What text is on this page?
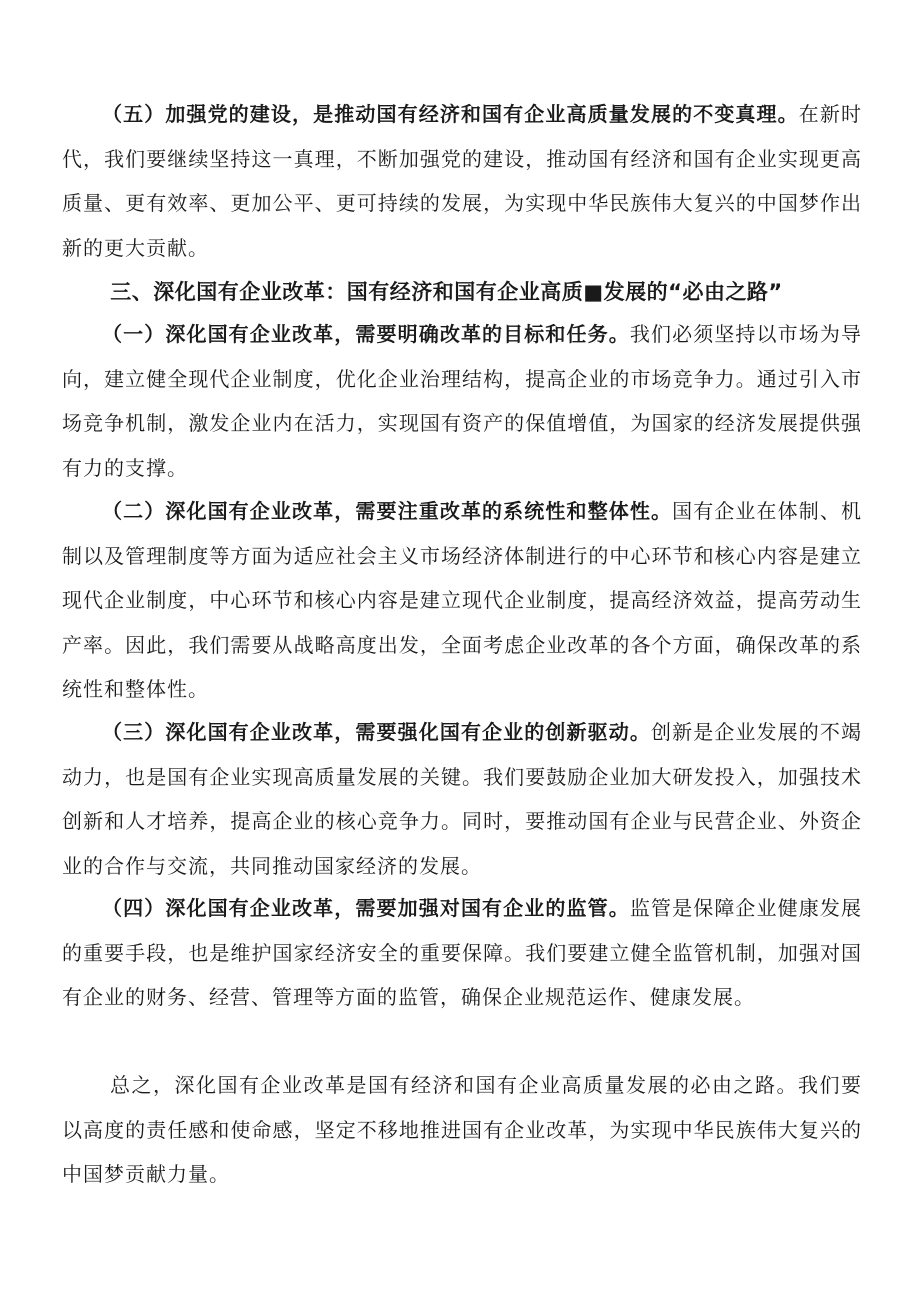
（五）加强党的建设，是推动国有经济和国有企业高质量发展的不变真理。在新时代，我们要继续坚持这一真理，不断加强党的建设，推动国有经济和国有企业实现更高质量、更有效率、更加公平、更可持续的发展，为实现中华民族伟大复兴的中国梦作出新的更大贡献。

三、深化国有企业改革：国有经济和国有企业高质■发展的“必由之路”

（一）深化国有企业改革，需要明确改革的目标和任务。我们必须坚持以市场为导向，建立健全现代企业制度，优化企业治理结构，提高企业的市场竞争力。通过引入市场竞争机制，激发企业内在活力，实现国有资产的保值增值，为国家的经济发展提供强有力的支撑。

（二）深化国有企业改革，需要注重改革的系统性和整体性。国有企业在体制、机制以及管理制度等方面为适应社会主义市场经济体制进行的中心环节和核心内容是建立现代企业制度，中心环节和核心内容是建立现代企业制度，提高经济效益，提高劳动生产率。因此，我们需要从战略高度出发，全面考虑企业改革的各个方面，确保改革的系统性和整体性。

（三）深化国有企业改革，需要强化国有企业的创新驱动。创新是企业发展的不竭动力，也是国有企业实现高质量发展的关键。我们要鼓励企业加大研发投入，加强技术创新和人才培养，提高企业的核心竞争力。同时，要推动国有企业与民营企业、外资企业的合作与交流，共同推动国家经济的发展。

（四）深化国有企业改革，需要加强对国有企业的监管。监管是保障企业健康发展的重要手段，也是维护国家经济安全的重要保障。我们要建立健全监管机制，加强对国有企业的财务、经营、管理等方面的监管，确保企业规范运作、健康发展。

总之，深化国有企业改革是国有经济和国有企业高质量发展的必由之路。我们要以高度的责任感和使命感，坚定不移地推进国有企业改革，为实现中华民族伟大复兴的中国梦贡献力量。
